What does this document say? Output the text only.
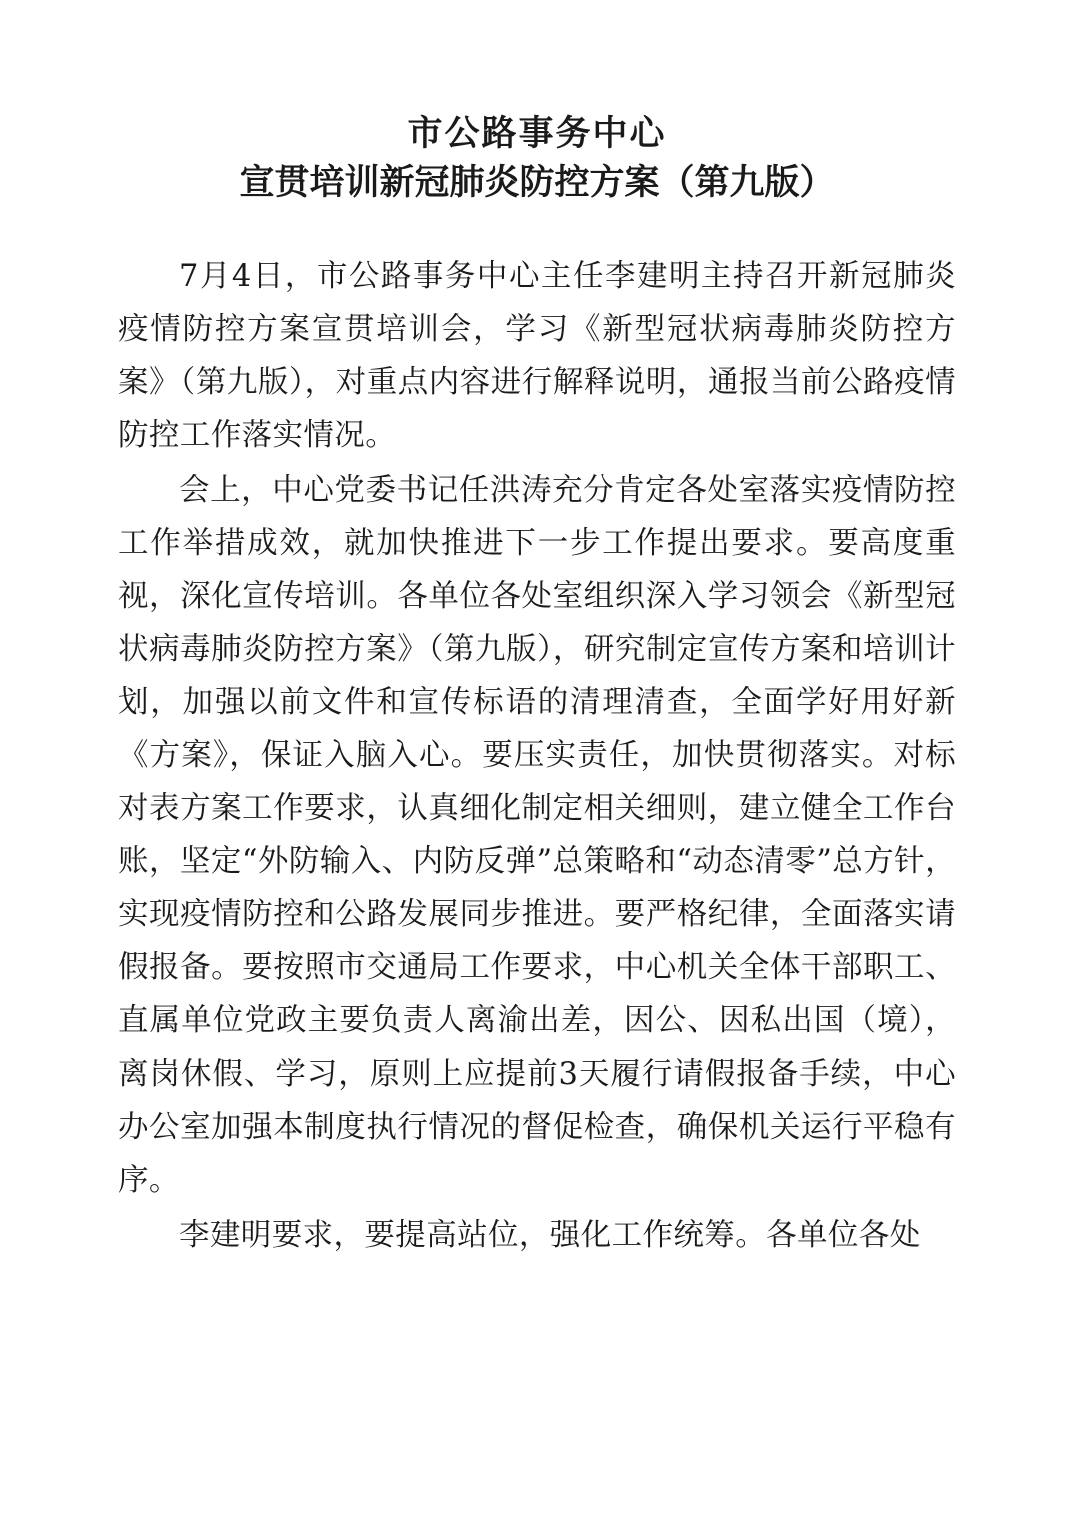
市公路事务中心
宣贯培训新冠肺炎防控方案（第九版）

7月4日，市公路事务中心主任李建明主持召开新冠肺炎疫情防控方案宣贯培训会，学习《新型冠状病毒肺炎防控方案》（第九版），对重点内容进行解释说明，通报当前公路疫情防控工作落实情况。

会上，中心党委书记任洪涛充分肯定各处室落实疫情防控工作举措成效，就加快推进下一步工作提出要求。要高度重视，深化宣传培训。各单位各处室组织深入学习领会《新型冠状病毒肺炎防控方案》（第九版），研究制定宣传方案和培训计划，加强以前文件和宣传标语的清理清查，全面学好用好新《方案》，保证入脑入心。要压实责任，加快贯彻落实。对标对表方案工作要求，认真细化制定相关细则，建立健全工作台账，坚定“外防输入、内防反弹”总策略和“动态清零”总方针，实现疫情防控和公路发展同步推进。要严格纪律，全面落实请假报备。要按照市交通局工作要求，中心机关全体干部职工、直属单位党政主要负责人离渝出差，因公、因私出国（境），离岗休假、学习，原则上应提前3天履行请假报备手续，中心办公室加强本制度执行情况的督促检查，确保机关运行平稳有序。

李建明要求，要提高站位，强化工作统筹。各单位各处
